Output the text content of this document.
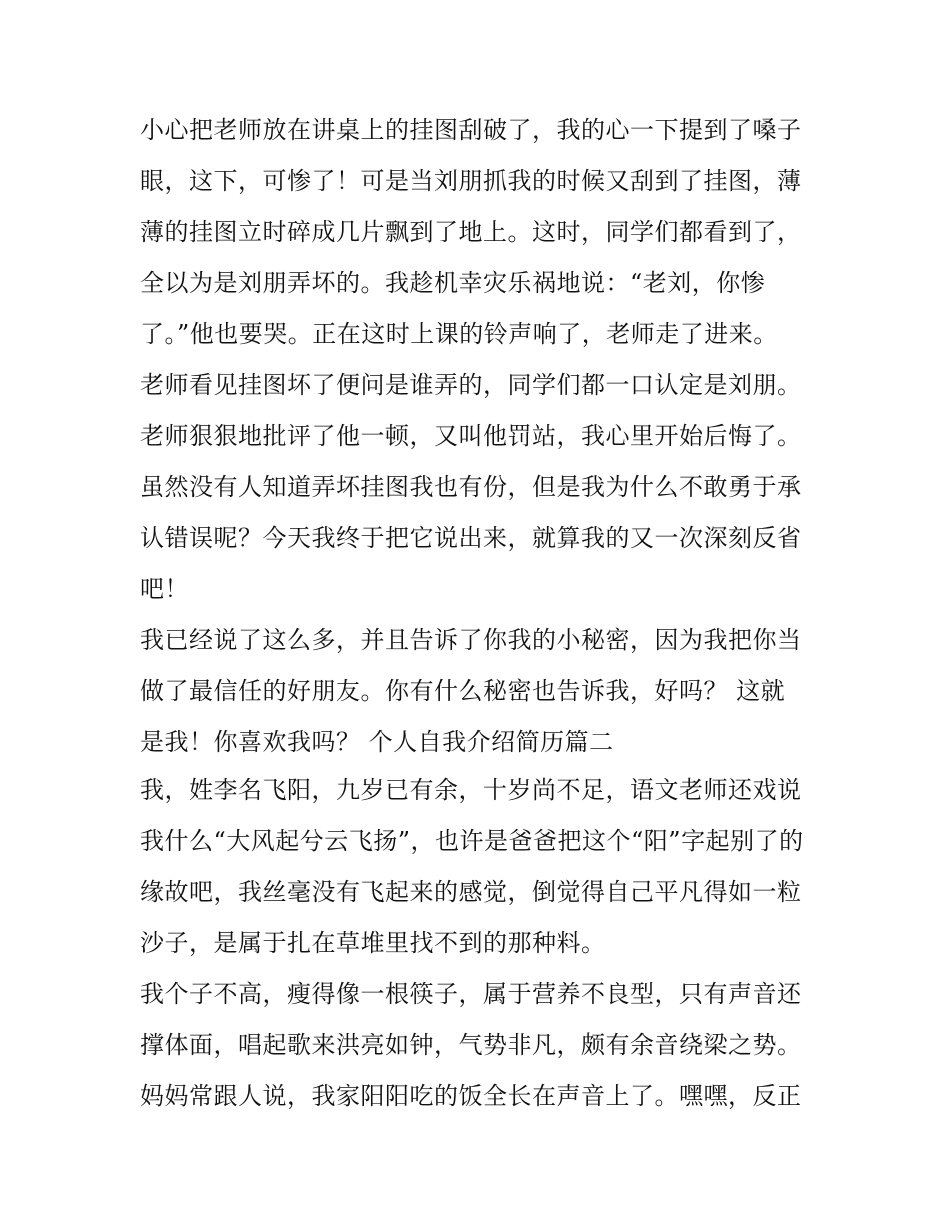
小心把老师放在讲桌上的挂图刮破了，我的心一下提到了嗓子
眼，这下，可惨了！可是当刘朋抓我的时候又刮到了挂图，薄
薄的挂图立时碎成几片飘到了地上。这时，同学们都看到了，
全以为是刘朋弄坏的。我趁机幸灾乐祸地说：“老刘，你惨
了。”他也要哭。正在这时上课的铃声响了，老师走了进来。
老师看见挂图坏了便问是谁弄的，同学们都一口认定是刘朋。
老师狠狠地批评了他一顿，又叫他罚站，我心里开始后悔了。
虽然没有人知道弄坏挂图我也有份，但是我为什么不敢勇于承
认错误呢？今天我终于把它说出来，就算我的又一次深刻反省
吧！
我已经说了这么多，并且告诉了你我的小秘密，因为我把你当
做了最信任的好朋友。你有什么秘密也告诉我，好吗？ 这就
是我！你喜欢我吗？ 个人自我介绍简历篇二
我，姓李名飞阳，九岁已有余，十岁尚不足，语文老师还戏说
我什么“大风起兮云飞扬”，也许是爸爸把这个“阳”字起别了的
缘故吧，我丝毫没有飞起来的感觉，倒觉得自己平凡得如一粒
沙子，是属于扎在草堆里找不到的那种料。
我个子不高，瘦得像一根筷子，属于营养不良型，只有声音还
撑体面，唱起歌来洪亮如钟，气势非凡，颇有余音绕梁之势。
妈妈常跟人说，我家阳阳吃的饭全长在声音上了。嘿嘿，反正
